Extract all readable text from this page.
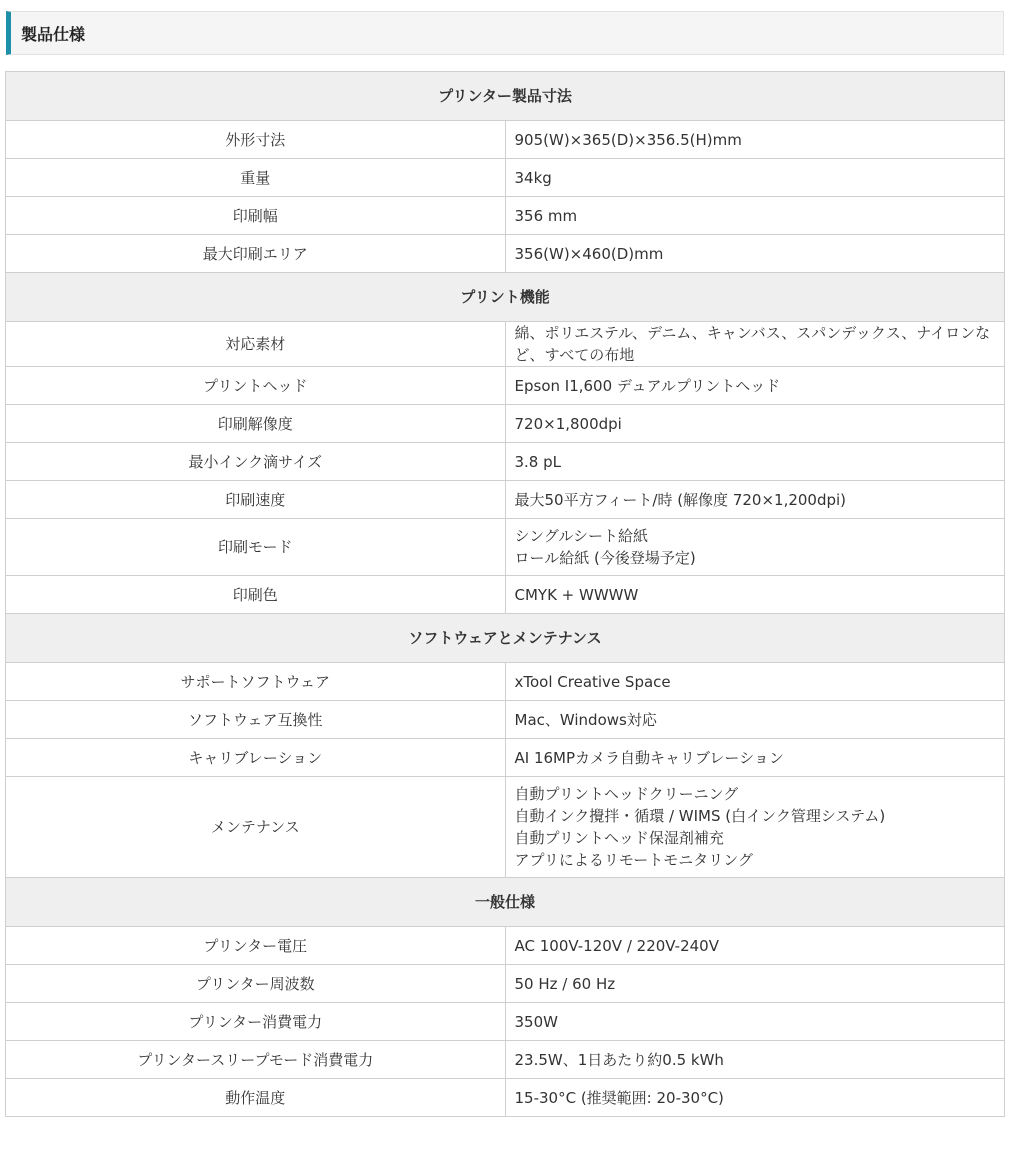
製品仕様
プリンター製品寸法	
外形寸法	905(W)×365(D)×356.5(H)mm

重量	34kg

印刷幅	356 mm

最大印刷エリア	356(W)×460(D)mm

プリント機能	
対応素材	綿、ポリエステル、デニム、キャンバス、スパンデックス、ナイロンなど、すべての布地

プリントヘッド	Epson I1,600 デュアルプリントヘッド

印刷解像度	720×1,800dpi

最小インク滴サイズ	3.8 pL

印刷速度	最大50平方フィート/時 (解像度 720×1,200dpi)

印刷モード	シングルシート給紙
ロール給紙 (今後登場予定)

印刷色	CMYK + WWWW

ソフトウェアとメンテナンス	
サポートソフトウェア	xTool Creative Space

ソフトウェア互換性	Mac、Windows対応

キャリブレーション	AI 16MPカメラ自動キャリブレーション

メンテナンス	自動プリントヘッドクリーニング
自動インク攪拌・循環 / WIMS (白インク管理システム)
自動プリントヘッド保湿剤補充
アプリによるリモートモニタリング

一般仕様	
プリンター電圧	AC 100V-120V / 220V-240V

プリンター周波数	50 Hz / 60 Hz

プリンター消費電力	350W

プリンタースリープモード消費電力	23.5W、1日あたり約0.5 kWh

動作温度	15-30°C (推奨範囲: 20-30°C)
